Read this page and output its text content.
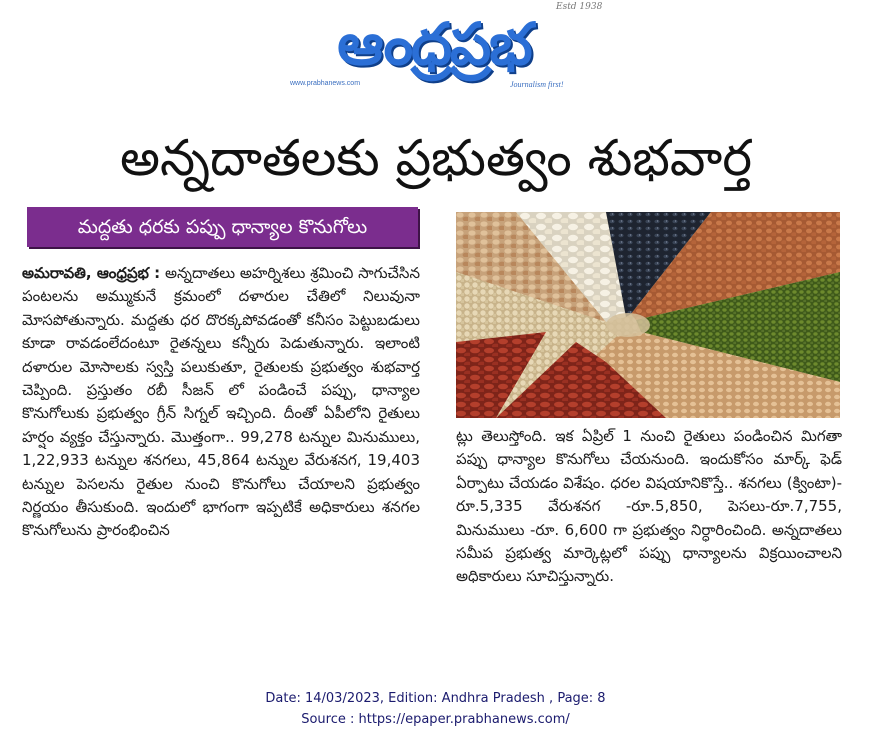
ఆంధ్రప్రభ
Estd 1938
www.prabhanews.com	Journalism first!
అన్నదాతలకు ప్రభుత్వం శుభవార్త
మద్దతు ధరకు పప్పు ధాన్యాల కొనుగోలు

అమరావతి, ఆంధ్రప్రభ : అన్నదాతలు అహర్నిశలు శ్రమించి సాగుచేసిన పంటలను అమ్ముకునే క్రమంలో దళారుల చేతిలో నిలువునా మోసపోతున్నారు. మద్దతు ధర దొరక్కపోవడంతో కనీసం పెట్టుబడులు కూడా రావడంలేదంటూ రైతన్నలు కన్నీరు పెడుతున్నారు. ఇలాంటి దళారుల మోసాలకు స్వస్తి పలుకుతూ, రైతులకు ప్రభుత్వం శుభవార్త చెప్పింది. ప్రస్తుతం రబీ సీజన్ లో పండించే పప్పు, ధాన్యాల కొనుగోలుకు ప్రభుత్వం గ్రీన్ సిగ్నల్ ఇచ్చింది. దీంతో ఏపీలోని రైతులు హర్షం వ్యక్తం చేస్తున్నారు. మొత్తంగా.. 99,278 టన్నుల మినుములు, 1,22,933 టన్నుల శనగలు, 45,864 టన్నుల వేరుశనగ, 19,403 టన్నుల పెసలను రైతుల నుంచి కొనుగోలు చేయాలని ప్రభుత్వం నిర్ణయం తీసుకుంది. ఇందులో భాగంగా ఇప్పటికే అధికారులు శనగల కొనుగోలును ప్రారంభించిన

ట్లు తెలుస్తోంది. ఇక ఏప్రిల్ 1 నుంచి రైతులు పండించిన మిగతా పప్పు ధాన్యాల కొనుగోలు చేయనుంది. ఇందుకోసం మార్క్ ఫెడ్ ఏర్పాటు చేయడం విశేషం. ధరల విషయానికొస్తే.. శనగలు (క్వింటా)- రూ.5,335 వేరుశనగ -రూ.5,850, పెసలు-రూ.7,755, మినుములు -రూ. 6,600 గా ప్రభుత్వం నిర్ధారించింది. అన్నదాతలు సమీప ప్రభుత్వ మార్కెట్లలో పప్పు ధాన్యాలను విక్రయించాలని అధికారులు సూచిస్తున్నారు.

Date: 14/03/2023, Edition: Andhra Pradesh , Page: 8
Source : https://epaper.prabhanews.com/
